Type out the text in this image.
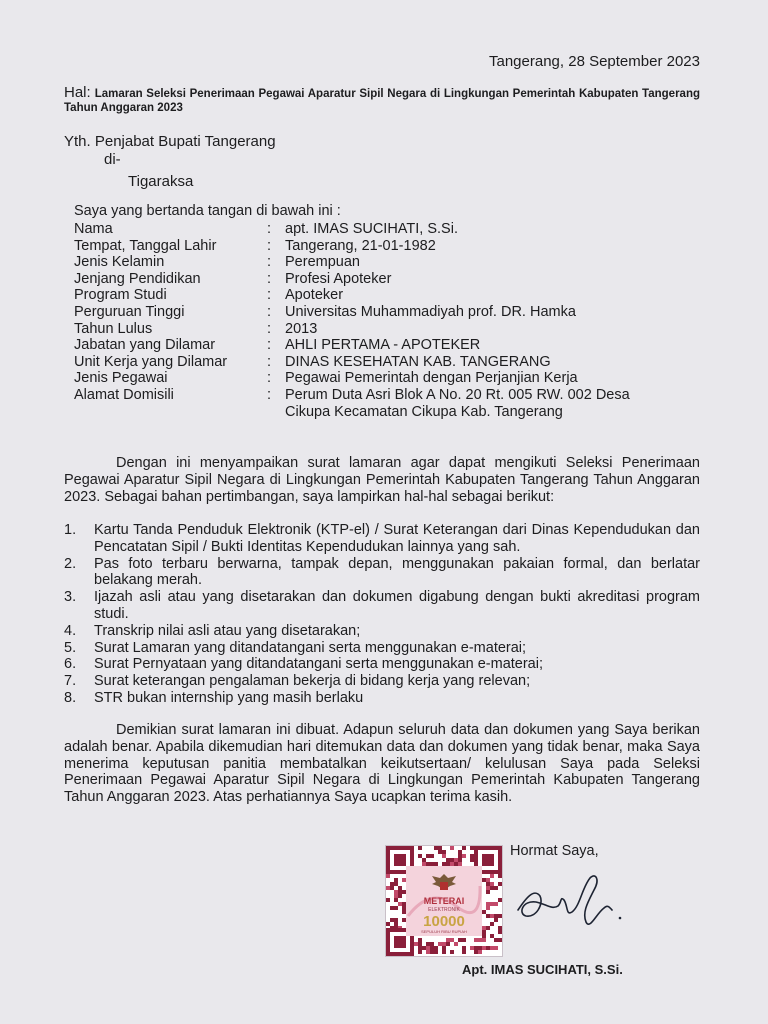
Tangerang, 28 September 2023
Hal: Lamaran Seleksi Penerimaan Pegawai Aparatur Sipil Negara di Lingkungan Pemerintah Kabupaten Tangerang Tahun Anggaran 2023
Yth. Penjabat Bupati Tangerang
di-
Tigaraksa
Saya yang bertanda tangan di bawah ini :
Nama	: apt. IMAS SUCIHATI, S.Si.
Tempat, Tanggal Lahir	: Tangerang, 21-01-1982
Jenis Kelamin	: Perempuan
Jenjang Pendidikan	: Profesi Apoteker
Program Studi	: Apoteker
Perguruan Tinggi	: Universitas Muhammadiyah prof. DR. Hamka
Tahun Lulus	: 2013
Jabatan yang Dilamar	: AHLI PERTAMA - APOTEKER
Unit Kerja yang Dilamar	: DINAS KESEHATAN KAB. TANGERANG
Jenis Pegawai	: Pegawai Pemerintah dengan Perjanjian Kerja
Alamat Domisili	: Perum Duta Asri Blok A No. 20 Rt. 005 RW. 002 Desa Cikupa Kecamatan Cikupa Kab. Tangerang
Dengan ini menyampaikan surat lamaran agar dapat mengikuti Seleksi Penerimaan Pegawai Aparatur Sipil Negara di Lingkungan Pemerintah Kabupaten Tangerang Tahun Anggaran 2023. Sebagai bahan pertimbangan, saya lampirkan hal-hal sebagai berikut:
1.	Kartu Tanda Penduduk Elektronik (KTP-el) / Surat Keterangan dari Dinas Kependudukan dan Pencatatan Sipil / Bukti Identitas Kependudukan lainnya yang sah.
2.	Pas foto terbaru berwarna, tampak depan, menggunakan pakaian formal, dan berlatar belakang merah.
3.	Ijazah asli atau yang disetarakan dan dokumen digabung dengan bukti akreditasi program studi.
4.	Transkrip nilai asli atau yang disetarakan;
5.	Surat Lamaran yang ditandatangani serta menggunakan e-materai;
6.	Surat Pernyataan yang ditandatangani serta menggunakan e-materai;
7.	Surat keterangan pengalaman bekerja di bidang kerja yang relevan;
8.	STR bukan internship yang masih berlaku
Demikian surat lamaran ini dibuat. Adapun seluruh data dan dokumen yang Saya berikan adalah benar. Apabila dikemudian hari ditemukan data dan dokumen yang tidak benar, maka Saya menerima keputusan panitia membatalkan keikutsertaan/ kelulusan Saya pada Seleksi Penerimaan Pegawai Aparatur Sipil Negara di Lingkungan Pemerintah Kabupaten Tangerang Tahun Anggaran 2023. Atas perhatiannya Saya ucapkan terima kasih.
Hormat Saya,
METERAI
ELEKTRONIK
10000
SEPULUH RIBU RUPIAH
Apt. IMAS SUCIHATI, S.Si.
